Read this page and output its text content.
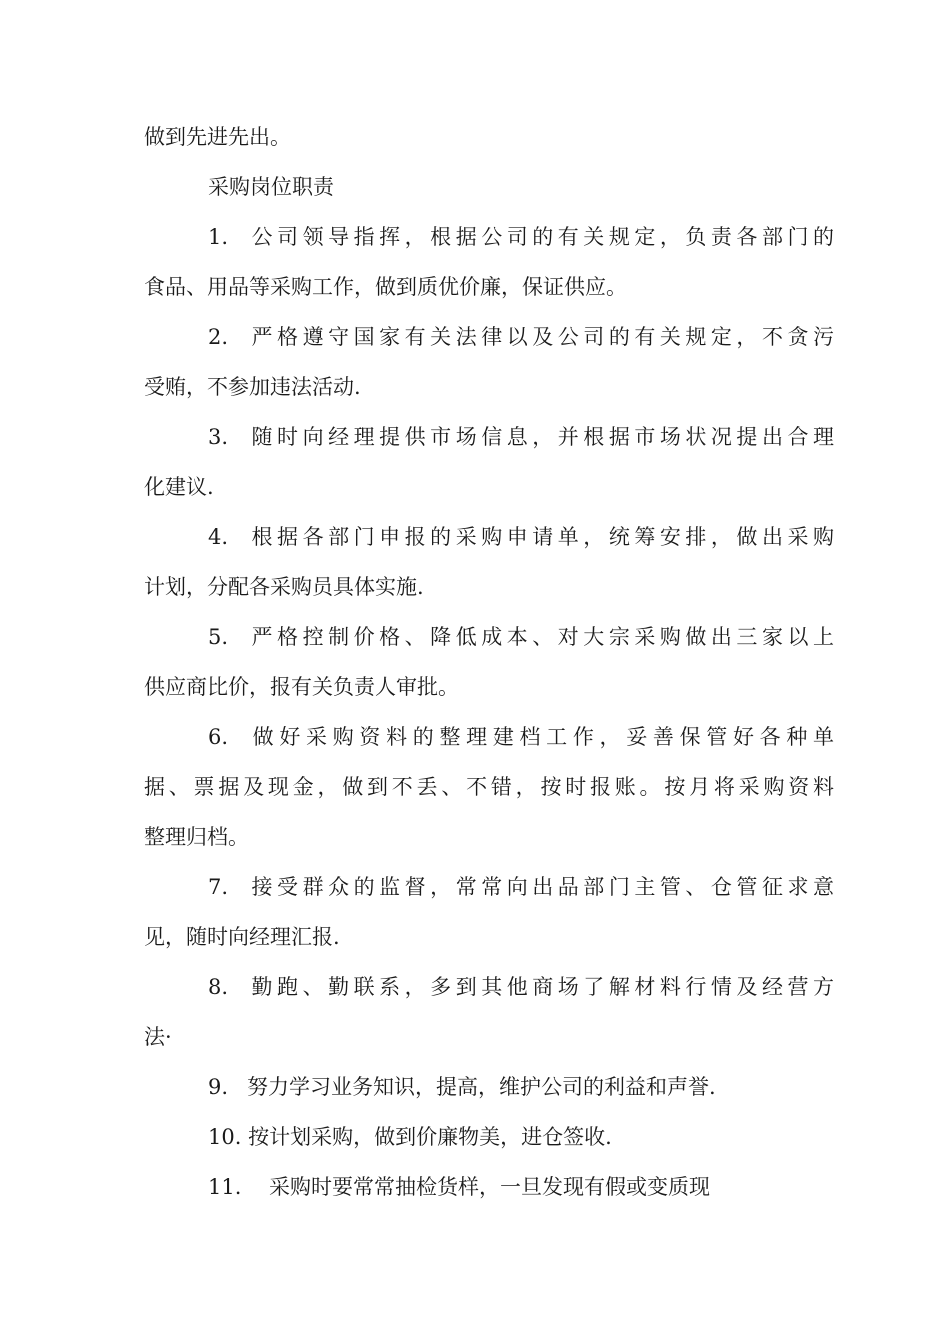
做到先进先出。
采购岗位职责
1. 公司领导指挥，根据公司的有关规定，负责各部门的
食品、用品等采购工作，做到质优价廉，保证供应。
2. 严格遵守国家有关法律以及公司的有关规定，不贪污
受贿，不参加违法活动.
3. 随时向经理提供市场信息，并根据市场状况提出合理
化建议.
4. 根据各部门申报的采购申请单，统筹安排，做出采购
计划，分配各采购员具体实施.
5. 严格控制价格、降低成本、对大宗采购做出三家以上
供应商比价，报有关负责人审批。
6. 做好采购资料的整理建档工作，妥善保管好各种单
据、票据及现金，做到不丢、不错，按时报账。按月将采购资料
整理归档。
7. 接受群众的监督，常常向出品部门主管、仓管征求意
见，随时向经理汇报.
8. 勤跑、勤联系，多到其他商场了解材料行情及经营方
法·
9. 努力学习业务知识，提高，维护公司的利益和声誉.
10. 按计划采购，做到价廉物美，进仓签收.
11. 采购时要常常抽检货样，一旦发现有假或变质现
